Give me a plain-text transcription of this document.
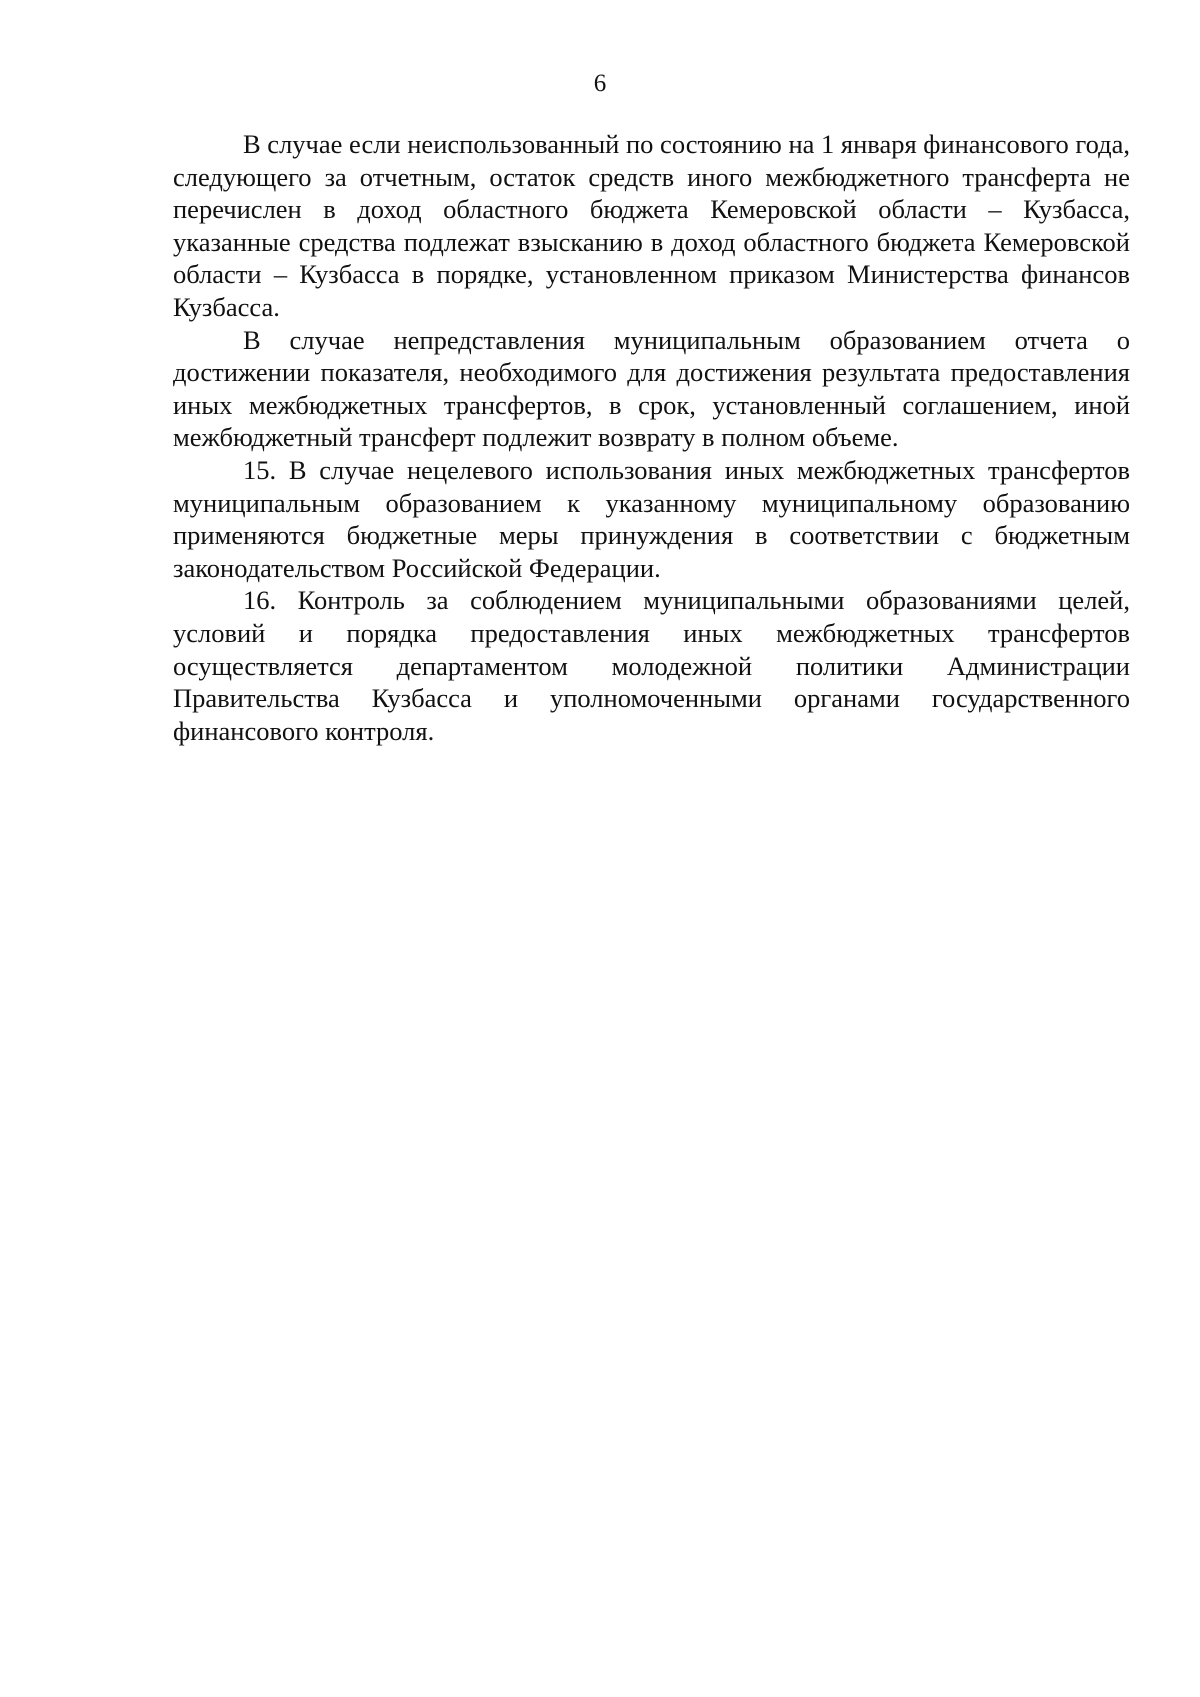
6

В случае если неиспользованный по состоянию на 1 января финансового года, следующего за отчетным, остаток средств иного межбюджетного трансферта не перечислен в доход областного бюджета Кемеровской области – Кузбасса, указанные средства подлежат взысканию в доход областного бюджета Кемеровской области – Кузбасса в порядке, установленном приказом Министерства финансов Кузбасса.

В случае непредставления муниципальным образованием отчета о достижении показателя, необходимого для достижения результата предоставления иных межбюджетных трансфертов, в срок, установленный соглашением, иной межбюджетный трансферт подлежит возврату в полном объеме.

15. В случае нецелевого использования иных межбюджетных трансфертов муниципальным образованием к указанному муниципальному образованию применяются бюджетные меры принуждения в соответствии с бюджетным законодательством Российской Федерации.

16. Контроль за соблюдением муниципальными образованиями целей, условий и порядка предоставления иных межбюджетных трансфертов осуществляется департаментом молодежной политики Администрации Правительства Кузбасса и уполномоченными органами государственного финансового контроля.
